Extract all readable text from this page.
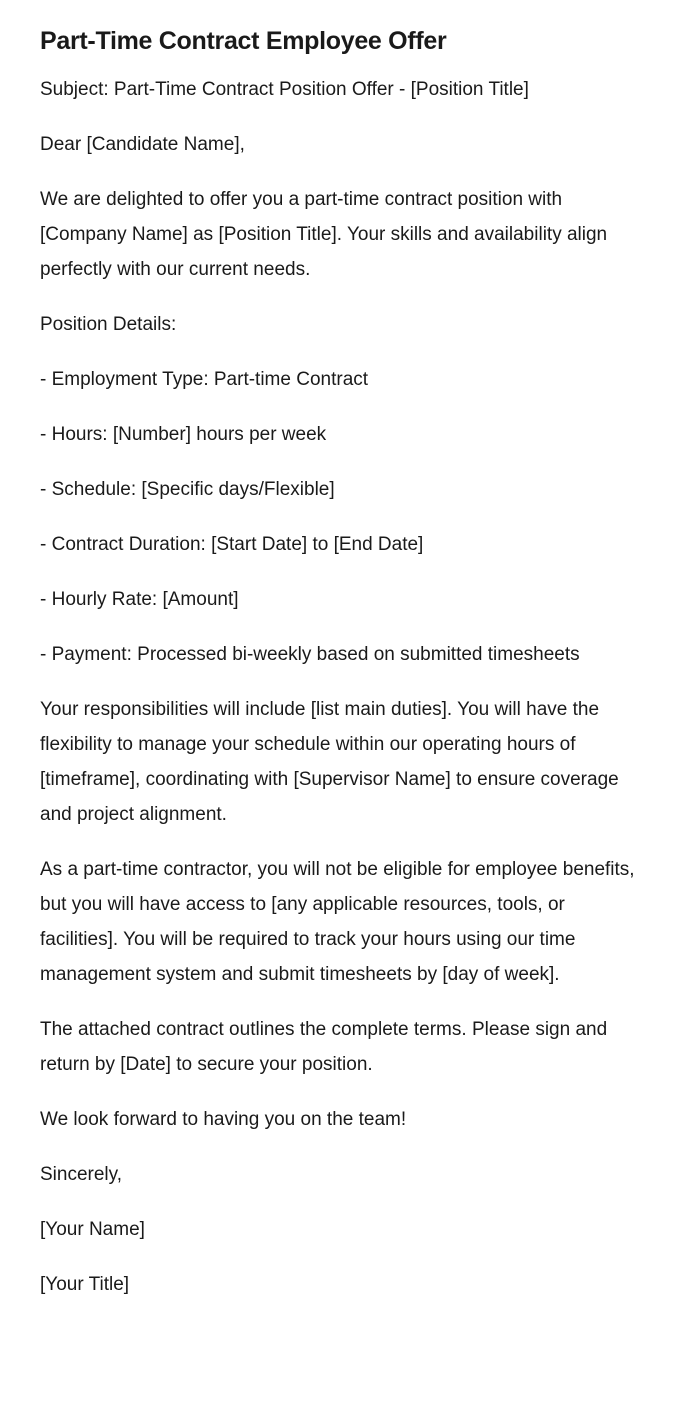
Part-Time Contract Employee Offer

Subject: Part-Time Contract Position Offer - [Position Title]

Dear [Candidate Name],

We are delighted to offer you a part-time contract position with [Company Name] as [Position Title]. Your skills and availability align perfectly with our current needs.

Position Details:

- Employment Type: Part-time Contract

- Hours: [Number] hours per week

- Schedule: [Specific days/Flexible]

- Contract Duration: [Start Date] to [End Date]

- Hourly Rate: [Amount]

- Payment: Processed bi-weekly based on submitted timesheets

Your responsibilities will include [list main duties]. You will have the flexibility to manage your schedule within our operating hours of [timeframe], coordinating with [Supervisor Name] to ensure coverage and project alignment.

As a part-time contractor, you will not be eligible for employee benefits, but you will have access to [any applicable resources, tools, or facilities]. You will be required to track your hours using our time management system and submit timesheets by [day of week].

The attached contract outlines the complete terms. Please sign and return by [Date] to secure your position.

We look forward to having you on the team!

Sincerely,

[Your Name]

[Your Title]
